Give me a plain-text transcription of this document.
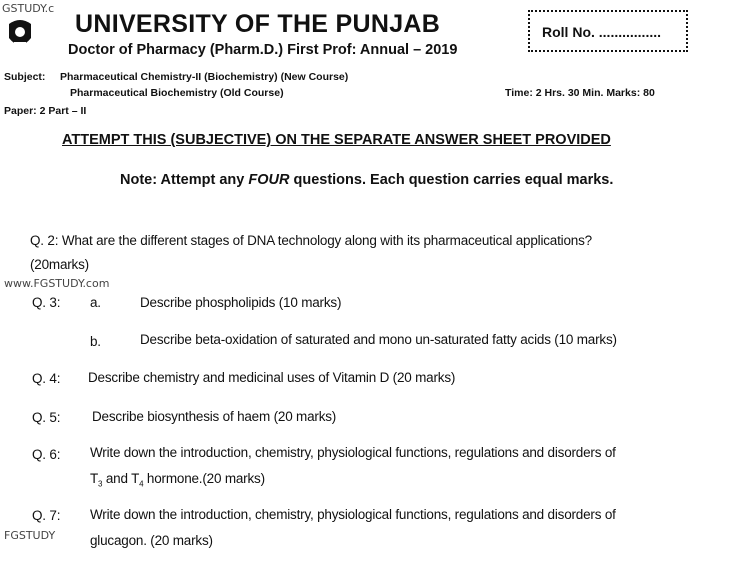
GSTUDY.c
UNIVERSITY OF THE PUNJAB
Doctor of Pharmacy (Pharm.D.) First Prof: Annual – 2019
Roll No. ................
Subject: Pharmaceutical Chemistry-II (Biochemistry) (New Course)
Pharmaceutical Biochemistry (Old Course)	Time: 2 Hrs. 30 Min. Marks: 80
Paper: 2 Part – II
ATTEMPT THIS (SUBJECTIVE) ON THE SEPARATE ANSWER SHEET PROVIDED
Note: Attempt any FOUR questions. Each question carries equal marks.
Q. 2: What are the different stages of DNA technology along with its pharmaceutical applications?
(20marks)
www.FGSTUDY.com
Q. 3: a.	Describe phospholipids (10 marks)
b.	Describe beta-oxidation of saturated and mono un-saturated fatty acids (10 marks)
Q. 4: Describe chemistry and medicinal uses of Vitamin D (20 marks)
Q. 5: Describe biosynthesis of haem (20 marks)
Q. 6: Write down the introduction, chemistry, physiological functions, regulations and disorders of
$T_3$ and $T_4$ hormone.(20 marks)
Q. 7: Write down the introduction, chemistry, physiological functions, regulations and disorders of
glucagon. (20 marks)
FGSTUDY
